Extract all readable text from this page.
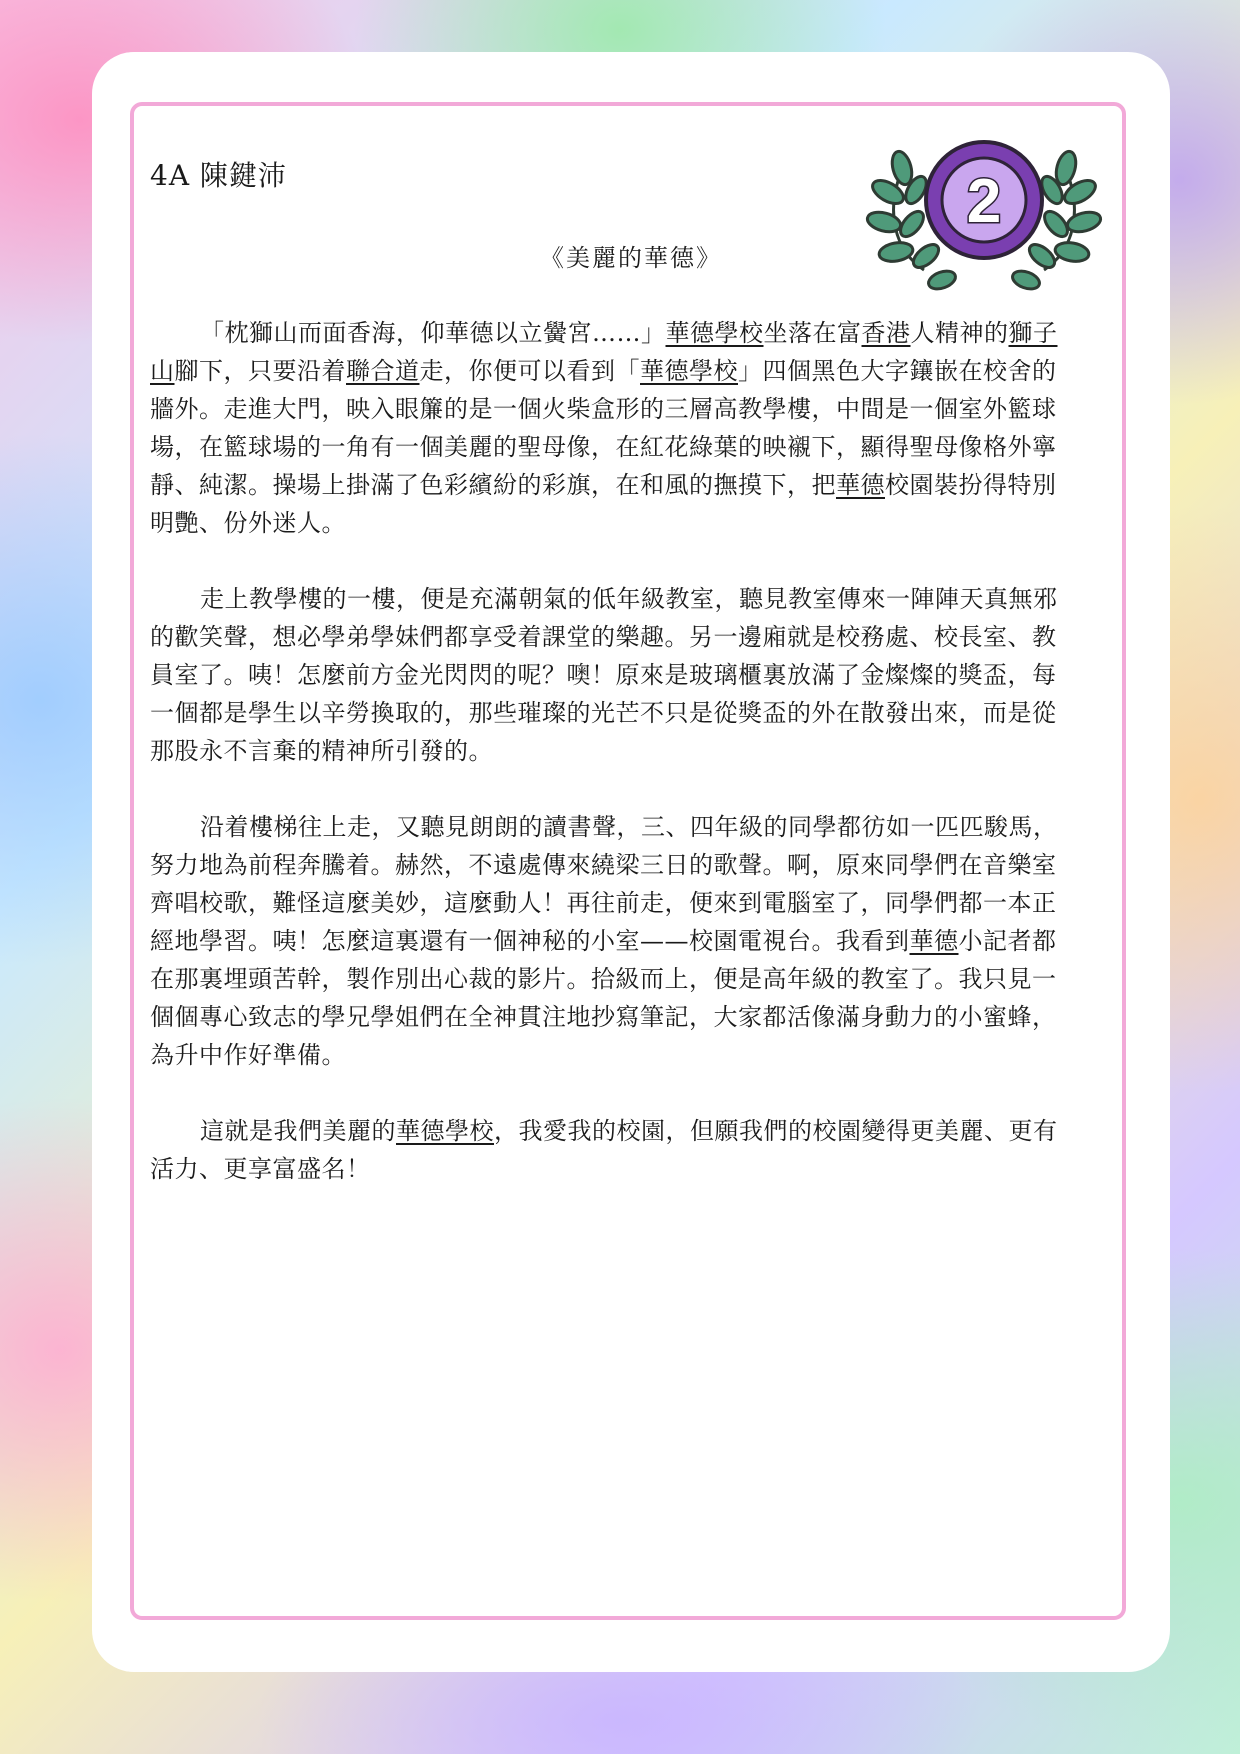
4A 陳鍵沛	2
《美麗的華德》

「枕獅山而面香海，仰華德以立黌宮……」華德學校坐落在富香港人精神的獅子山腳下，只要沿着聯合道走，你便可以看到「華德學校」四個黑色大字鑲嵌在校舍的牆外。走進大門，映入眼簾的是一個火柴盒形的三層高教學樓，中間是一個室外籃球場，在籃球場的一角有一個美麗的聖母像，在紅花綠葉的映襯下，顯得聖母像格外寧靜、純潔。操場上掛滿了色彩繽紛的彩旗，在和風的撫摸下，把華德校園裝扮得特別明艷、份外迷人。

走上教學樓的一樓，便是充滿朝氣的低年級教室，聽見教室傳來一陣陣天真無邪的歡笑聲，想必學弟學妹們都享受着課堂的樂趣。另一邊廂就是校務處、校長室、教員室了。咦！怎麼前方金光閃閃的呢？噢！原來是玻璃櫃裏放滿了金燦燦的獎盃，每一個都是學生以辛勞換取的，那些璀璨的光芒不只是從獎盃的外在散發出來，而是從那股永不言棄的精神所引發的。

沿着樓梯往上走，又聽見朗朗的讀書聲，三、四年級的同學都彷如一匹匹駿馬，努力地為前程奔騰着。赫然，不遠處傳來繞梁三日的歌聲。啊，原來同學們在音樂室齊唱校歌，難怪這麼美妙，這麼動人！再往前走，便來到電腦室了，同學們都一本正經地學習。咦！怎麼這裏還有一個神秘的小室——校園電視台。我看到華德小記者都在那裏埋頭苦幹，製作別出心裁的影片。拾級而上，便是高年級的教室了。我只見一個個專心致志的學兄學姐們在全神貫注地抄寫筆記，大家都活像滿身動力的小蜜蜂，為升中作好準備。

這就是我們美麗的華德學校，我愛我的校園，但願我們的校園變得更美麗、更有活力、更享富盛名！
